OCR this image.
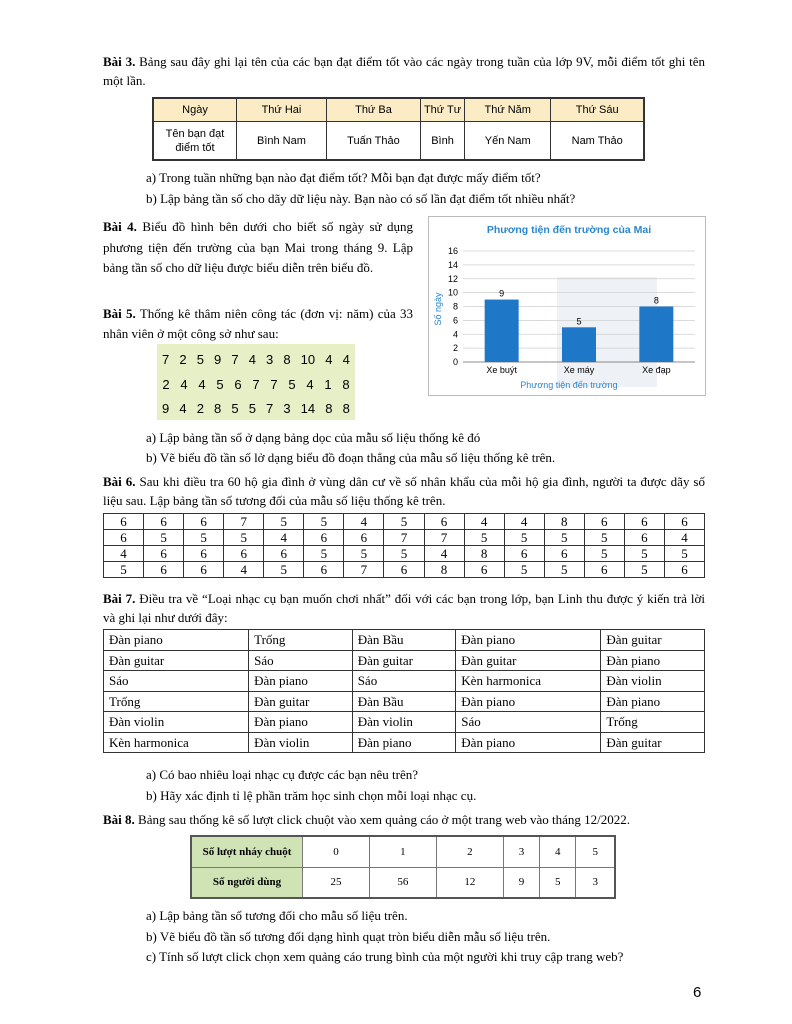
Bài 3. Bảng sau đây ghi lại tên của các bạn đạt điểm tốt vào các ngày trong tuần của lớp 9V, mỗi điểm tốt ghi tên một lần.

Ngày	Thứ Hai	Thứ Ba	Thứ Tư	Thứ Năm	Thứ Sáu
Tên bạn đạt điểm tốt	Bình Nam	Tuấn Thảo	Bình	Yến Nam	Nam Thảo

a) Trong tuần những bạn nào đạt điểm tốt? Mỗi bạn đạt được mấy điểm tốt?

b) Lập bảng tần số cho dãy dữ liệu này. Bạn nào có số lần đạt điểm tốt nhiều nhất?

Bài 4. Biểu đồ hình bên dưới cho biết số ngày sử dụng phương tiện đến trường của bạn Mai trong tháng 9. Lập bảng tần số cho dữ liệu được biểu diễn trên biểu đồ.

Bài 5. Thống kê thâm niên công tác (đơn vị: năm) của 33 nhân viên ở một công sở như sau:

7 2 5 9 7 4 3 8 10 4 4
2 4 4 5 6 7 7 5 4 1 8
9 4 2 8 5 5 7 3 14 8 8
Phương tiện đến trường của Mai
Số ngày
Phương tiện đến trường
0
2
4
6
8
10
12
14
16
9
Xe buýt
5
Xe máy
8
Xe đạp

a) Lập bảng tần số ở dạng bảng dọc của mẫu số liệu thống kê đó

b) Vẽ biểu đồ tần số lở dạng biểu đồ đoạn thẳng của mẫu số liệu thống kê trên.

Bài 6. Sau khi điều tra 60 hộ gia đình ở vùng dân cư về số nhân khẩu của mỗi hộ gia đình, người ta được dãy số liệu sau. Lập bảng tần số tương đối của mẫu số liệu thống kê trên.

6	6	6	7	5	5	4	5	6	4	4	8	6	6	6
6	5	5	5	4	6	6	7	7	5	5	5	5	6	4
4	6	6	6	6	5	5	5	4	8	6	6	5	5	5
5	6	6	4	5	6	7	6	8	6	5	5	6	5	6

Bài 7. Điều tra về “Loại nhạc cụ bạn muốn chơi nhất” đối với các bạn trong lớp, bạn Linh thu được ý kiến trả lời và ghi lại như dưới đây:

Đàn piano	Trống	Đàn Bầu	Đàn piano	Đàn guitar
Đàn guitar	Sáo	Đàn guitar	Đàn guitar	Đàn piano
Sáo	Đàn piano	Sáo	Kèn harmonica	Đàn violin
Trống	Đàn guitar	Đàn Bầu	Đàn piano	Đàn piano
Đàn violin	Đàn piano	Đàn violin	Sáo	Trống
Kèn harmonica	Đàn violin	Đàn piano	Đàn piano	Đàn guitar

a) Có bao nhiêu loại nhạc cụ được các bạn nêu trên?

b) Hãy xác định tỉ lệ phần trăm học sinh chọn mỗi loại nhạc cụ.

Bài 8. Bảng sau thống kê số lượt click chuột vào xem quảng cáo ở một trang web vào tháng 12/2022.

Số lượt nháy chuột	0	1	2	3	4	5
Số người dùng	25	56	12	9	5	3

a) Lập bảng tần số tương đối cho mẫu số liệu trên.

b) Vẽ biểu đồ tần số tương đối dạng hình quạt tròn biểu diễn mẫu số liệu trên.

c) Tính số lượt click chọn xem quảng cáo trung bình của một người khi truy cập trang web?

6
